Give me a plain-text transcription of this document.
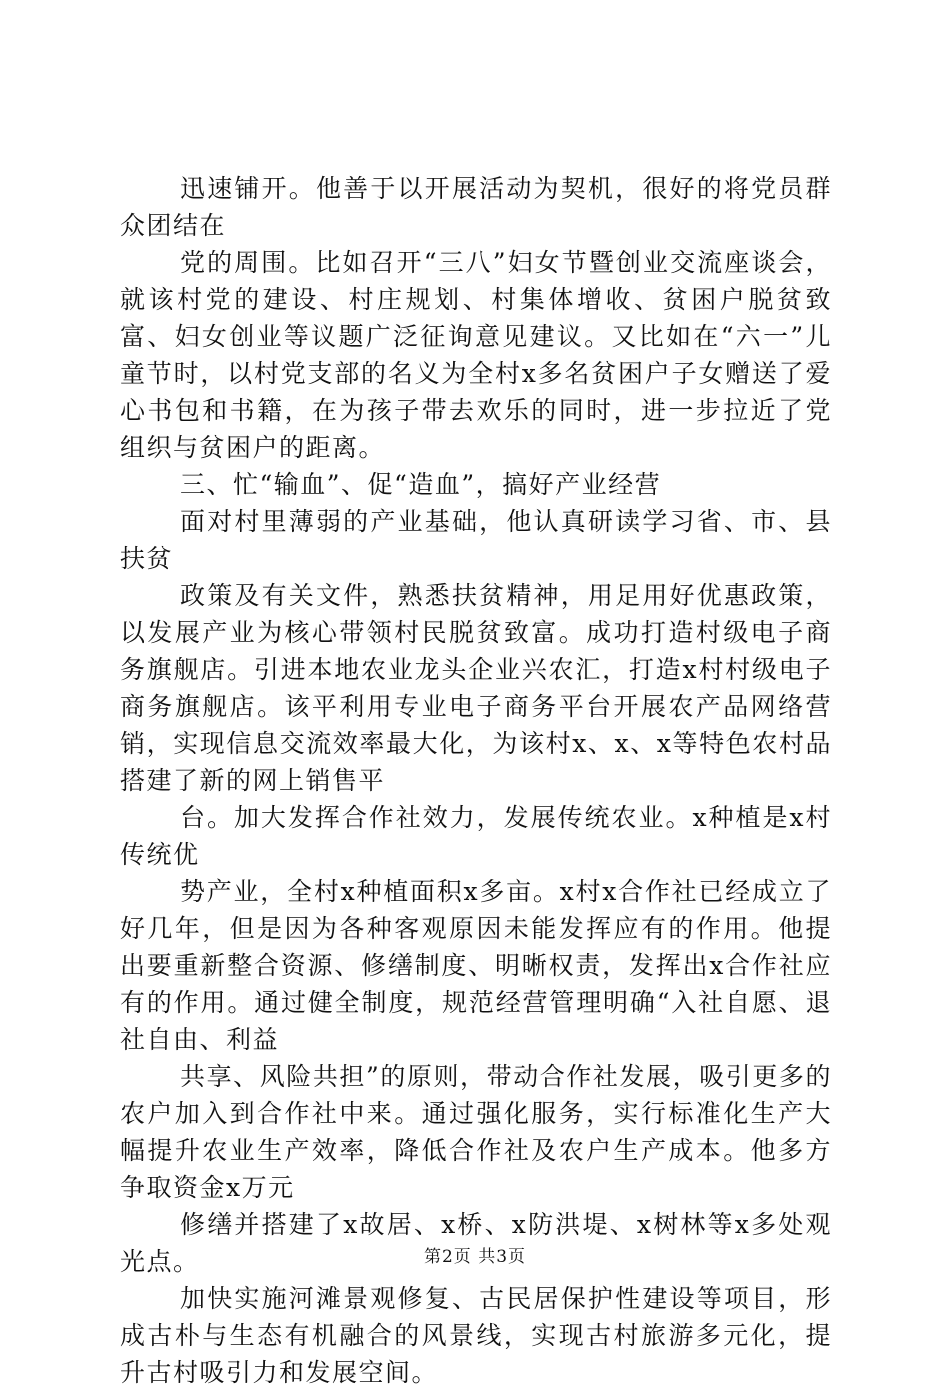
迅速铺开。他善于以开展活动为契机，很好的将党员群众团结在

党的周围。比如召开“三八”妇女节暨创业交流座谈会，就该村党的建设、村庄规划、村集体增收、贫困户脱贫致富、妇女创业等议题广泛征询意见建议。又比如在“六一”儿童节时，以村党支部的名义为全村x多名贫困户子女赠送了爱心书包和书籍，在为孩子带去欢乐的同时，进一步拉近了党组织与贫困户的距离。

三、忙“输血”、促“造血”，搞好产业经营

面对村里薄弱的产业基础，他认真研读学习省、市、县扶贫

政策及有关文件，熟悉扶贫精神，用足用好优惠政策，以发展产业为核心带领村民脱贫致富。成功打造村级电子商务旗舰店。引进本地农业龙头企业兴农汇，打造x村村级电子商务旗舰店。该平利用专业电子商务平台开展农产品网络营销，实现信息交流效率最大化，为该村x、x、x等特色农村品搭建了新的网上销售平

台。加大发挥合作社效力，发展传统农业。x种植是x村传统优

势产业，全村x种植面积x多亩。x村x合作社已经成立了好几年，但是因为各种客观原因未能发挥应有的作用。他提出要重新整合资源、修缮制度、明晰权责，发挥出x合作社应有的作用。通过健全制度，规范经营管理明确“入社自愿、退社自由、利益

共享、风险共担”的原则，带动合作社发展，吸引更多的农户加入到合作社中来。通过强化服务，实行标准化生产大幅提升农业生产效率，降低合作社及农户生产成本。他多方争取资金x万元

修缮并搭建了x故居、x桥、x防洪堤、x树林等x多处观光点。

加快实施河滩景观修复、古民居保护性建设等项目，形成古朴与生态有机融合的风景线，实现古村旅游多元化，提升古村吸引力和发展空间。

第2页 共3页
